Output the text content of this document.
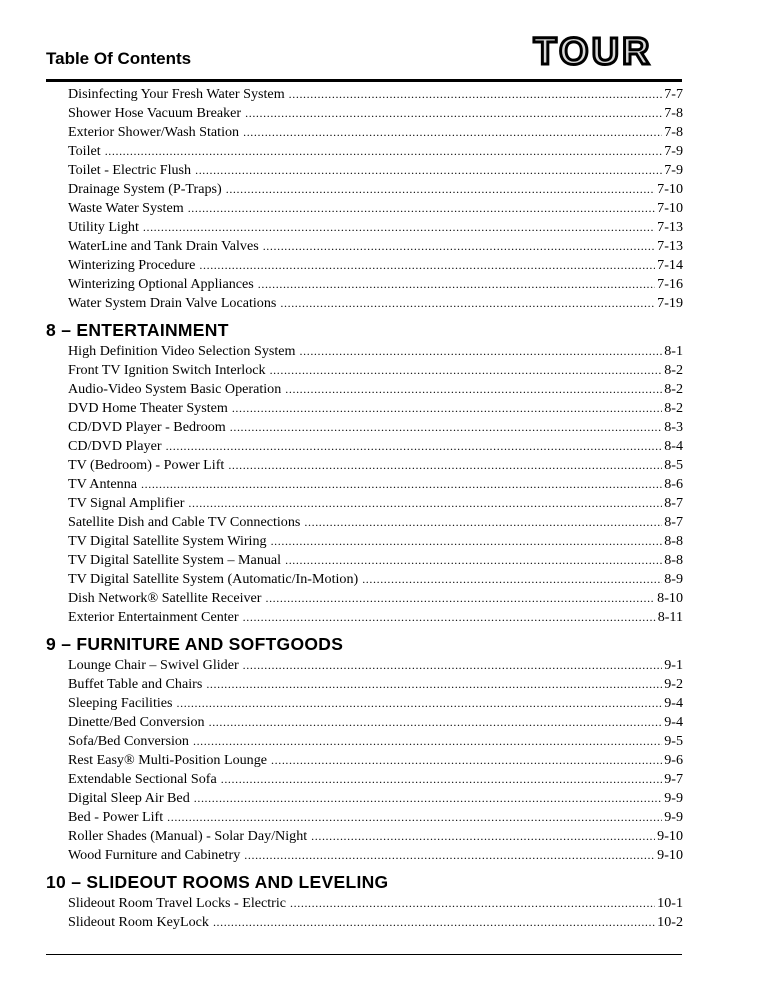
Table Of Contents	TOUR
Disinfecting Your Fresh Water System .....	7-7
Shower Hose Vacuum Breaker .....	7-8
Exterior Shower/Wash Station .....	7-8
Toilet .....	7-9
Toilet - Electric Flush .....	7-9
Drainage System (P-Traps) .....	7-10
Waste Water System .....	7-10
Utility Light .....	7-13
WaterLine and Tank Drain Valves .....	7-13
Winterizing Procedure .....	7-14
Winterizing Optional Appliances .....	7-16
Water System Drain Valve Locations .....	7-19
8 – ENTERTAINMENT
High Definition Video Selection System .....	8-1
Front TV Ignition Switch Interlock .....	8-2
Audio-Video System Basic Operation .....	8-2
DVD Home Theater System .....	8-2
CD/DVD Player - Bedroom .....	8-3
CD/DVD Player .....	8-4
TV (Bedroom) - Power Lift .....	8-5
TV Antenna .....	8-6
TV Signal Amplifier .....	8-7
Satellite Dish and Cable TV Connections .....	8-7
TV Digital Satellite System Wiring .....	8-8
TV Digital Satellite System – Manual .....	8-8
TV Digital Satellite System (Automatic/In-Motion) .....	8-9
Dish Network® Satellite Receiver .....	8-10
Exterior Entertainment Center .....	8-11
9 – FURNITURE AND SOFTGOODS
Lounge Chair – Swivel Glider .....	9-1
Buffet Table and Chairs .....	9-2
Sleeping Facilities .....	9-4
Dinette/Bed Conversion .....	9-4
Sofa/Bed Conversion .....	9-5
Rest Easy® Multi-Position Lounge .....	9-6
Extendable Sectional Sofa .....	9-7
Digital Sleep Air Bed .....	9-9
Bed - Power Lift .....	9-9
Roller Shades (Manual) - Solar Day/Night .....	9-10
Wood Furniture and Cabinetry .....	9-10
10 – SLIDEOUT ROOMS AND LEVELING
Slideout Room Travel Locks - Electric .....	10-1
Slideout Room KeyLock .....	10-2
